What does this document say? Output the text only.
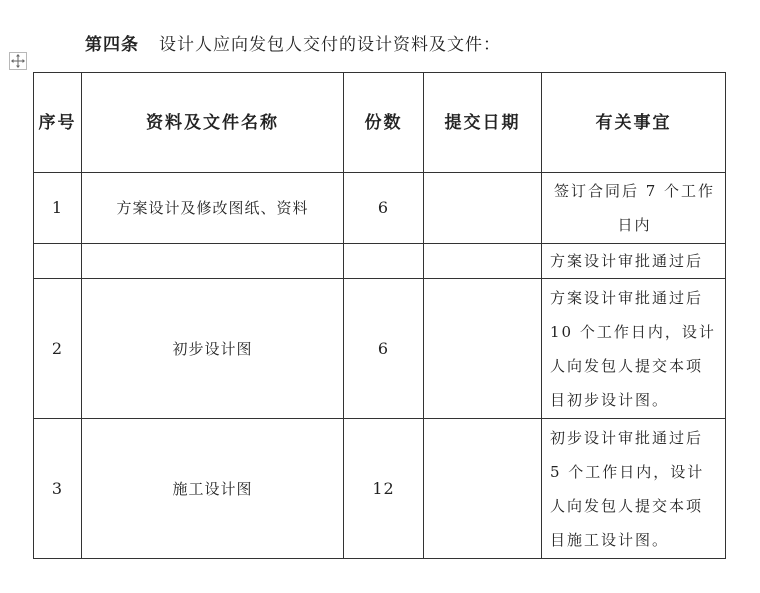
第四条 设计人应向发包人交付的设计资料及文件：
序号	资料及文件名称	份数	提交日期	有关事宜
1	方案设计及修改图纸、资料	6		签订合同后 7 个工作日内
				方案设计审批通过后
2	初步设计图	6		方案设计审批通过后 10 个工作日内，设计人向发包人提交本项目初步设计图。
3	施工设计图	12		初步设计审批通过后 5 个工作日内，设计人向发包人提交本项目施工设计图。
